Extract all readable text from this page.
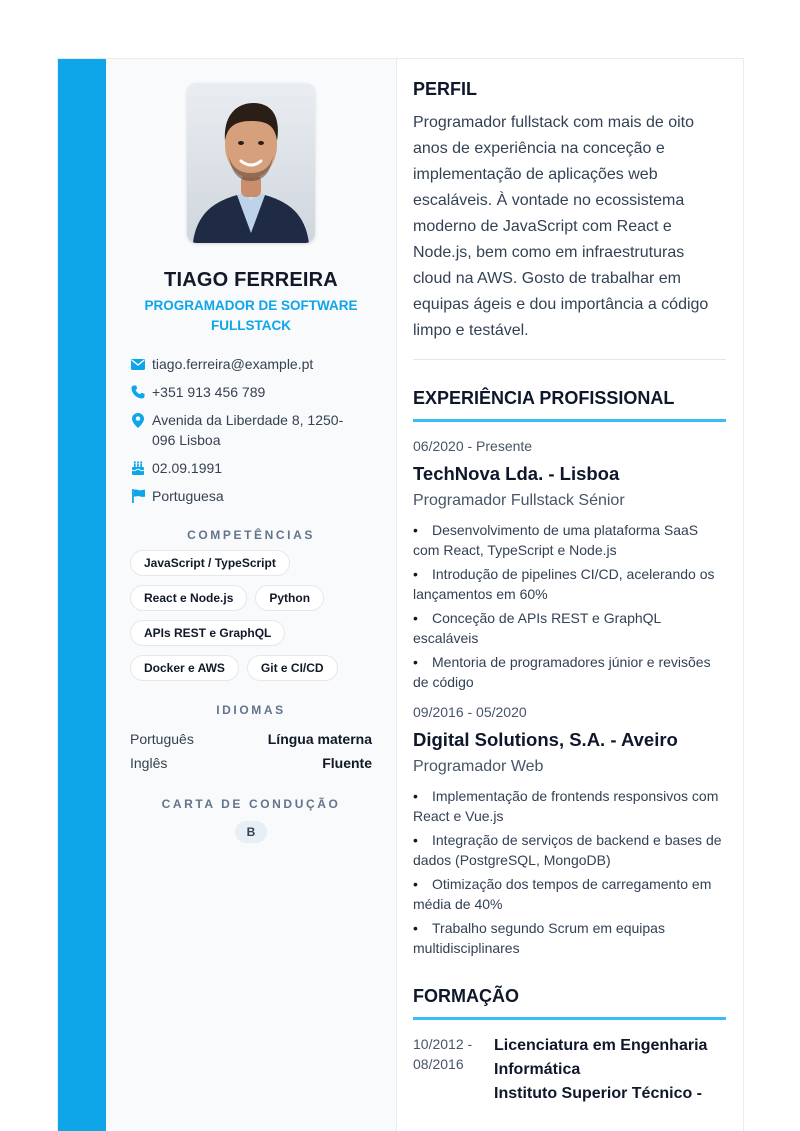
TIAGO FERREIRA
PROGRAMADOR DE SOFTWARE FULLSTACK
tiago.ferreira@example.pt
+351 913 456 789
Avenida da Liberdade 8, 1250-096 Lisboa
02.09.1991
Portuguesa
COMPETÊNCIAS
JavaScript / TypeScript
React e Node.js	Python
APIs REST e GraphQL
Docker e AWS	Git e CI/CD
IDIOMAS
Português	Língua materna
Inglês	Fluente
CARTA DE CONDUÇÃO
B
PERFIL

Programador fullstack com mais de oito anos de experiência na conceção e implementação de aplicações web escaláveis. À vontade no ecossistema moderno de JavaScript com React e Node.js, bem como em infraestruturas cloud na AWS. Gosto de trabalhar em equipas ágeis e dou importância a código limpo e testável.

EXPERIÊNCIA PROFISSIONAL
06/2020 - Presente
TechNova Lda. - Lisboa
Programador Fullstack Sénior
• Desenvolvimento de uma plataforma SaaS com React, TypeScript e Node.js
• Introdução de pipelines CI/CD, acelerando os lançamentos em 60%
• Conceção de APIs REST e GraphQL escaláveis
• Mentoria de programadores júnior e revisões de código
09/2016 - 05/2020
Digital Solutions, S.A. - Aveiro
Programador Web
• Implementação de frontends responsivos com React e Vue.js
• Integração de serviços de backend e bases de dados (PostgreSQL, MongoDB)
• Otimização dos tempos de carregamento em média de 40%
• Trabalho segundo Scrum em equipas multidisciplinares
FORMAÇÃO
10/2012 - 08/2016
Licenciatura em Engenharia Informática
Instituto Superior Técnico -
